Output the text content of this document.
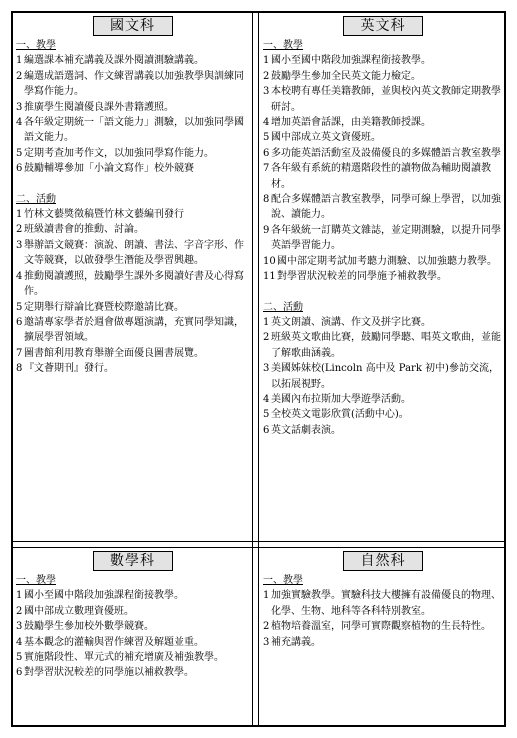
國文科
一、教學
1 編選課本補充講義及課外閱讀測驗講義。
2 編選成語選詞、作文練習講義以加強教學與訓練同學寫作能力。
3 推廣學生閱讀優良課外書籍護照。
4 各年級定期統一「語文能力」測驗，以加強同學國語文能力。
5 定期考查加考作文，以加強同學寫作能力。
6 鼓勵輔導參加「小論文寫作」校外競賽
二、活動
1 竹林文藝獎徵稿暨竹林文藝編刊發行
2 班級讀書會的推動、討論。
3 舉辦語文競賽：演說、朗讀、書法、字音字形、作文等競賽，以啟發學生潛能及學習興趣。
4 推動閱讀護照，鼓勵學生課外多閱讀好書及心得寫作。
5 定期舉行辯論比賽暨校際邀請比賽。
6 邀請專家學者於週會做專題演講，充實同學知識，擴展學習領域。
7 圖書館利用教育舉辦全面優良圖書展覽。
8 『文薈期刊』發行。
英文科
一、教學
1 國小至國中階段加強課程銜接教學。
2 鼓勵學生參加全民英文能力檢定。
3 本校聘有專任美籍教師，並與校內英文教師定期教學研討。
4 增加英語會話課，由美籍教師授課。
5 國中部成立英文資優班。
6 多功能英語活動室及設備優良的多媒體語言教室教學
7 各年級有系統的精選階段性的讀物做為輔助閱讀教材。
8 配合多媒體語言教室教學，同學可線上學習，以加強說、讀能力。
9 各年級統一訂購英文雜誌，並定期測驗，以提升同學英語學習能力。
10 國中部定期考試加考聽力測驗、以加強聽力教學。
11 對學習狀況較差的同學施予補救教學。
二、活動
1 英文朗讀、演講、作文及拼字比賽。
2 班級英文歌曲比賽，鼓勵同學聽、唱英文歌曲，並能了解歌曲涵義。
3 美國姊妹校(Lincoln 高中及 Park 初中)參訪交流，以拓展視野。
4 美國內布拉斯加大學遊學活動。
5 全校英文電影欣賞(活動中心)。
6 英文話劇表演。
數學科
一、教學
1 國小至國中階段加強課程銜接教學。
2 國中部成立數理資優班。
3 鼓勵學生參加校外數學競賽。
4 基本觀念的灌輸與習作練習及解題並重。
5 實施階段性、單元式的補充增廣及補強教學。
6 對學習狀況較差的同學施以補救教學。
自然科
一、教學
1 加強實驗教學。實驗科技大樓擁有設備優良的物理、化學、生物、地科等各科特別教室。
2 植物培養溫室，同學可實際觀察植物的生長特性。
3 補充講義。
